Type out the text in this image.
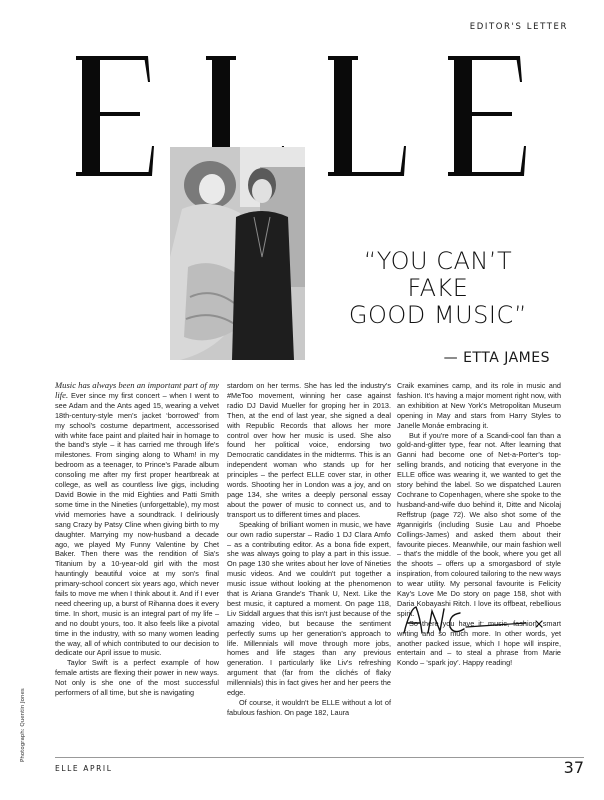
EDITOR'S LETTER
Photograph: Quentin Jones
“YOU CAN’T
FAKE
GOOD MUSIC”
— ETTA JAMES

Music has always been an important part of my life. Ever since my first concert – when I went to see Adam and the Ants aged 15, wearing a velvet 18th-century-style men's jacket ‘borrowed’ from my school's costume department, accessorised with white face paint and plaited hair in homage to the band's style – it has carried me through life's milestones. From singing along to Wham! in my bedroom as a teenager, to Prince's Parade album consoling me after my first proper heartbreak at college, as well as countless live gigs, including David Bowie in the mid Eighties and Patti Smith some time in the Nineties (unforgettable), my most vivid memories have a soundtrack. I deliriously sang Crazy by Patsy Cline when giving birth to my daughter. Marrying my now-husband a decade ago, we played My Funny Valentine by Chet Baker. Then there was the rendition of Sia's Titanium by a 10-year-old girl with the most hauntingly beautiful voice at my son's final primary-school concert six years ago, which never fails to move me when I think about it. And if I ever need cheering up, a burst of Rihanna does it every time. In short, music is an integral part of my life – and no doubt yours, too. It also feels like a pivotal time in the industry, with so many women leading the way, all of which contributed to our decision to dedicate our April issue to music.

Taylor Swift is a perfect example of how female artists are flexing their power in new ways. Not only is she one of the most successful performers of all time, but she is navigating

stardom on her terms. She has led the industry's #MeToo movement, winning her case against radio DJ David Mueller for groping her in 2013. Then, at the end of last year, she signed a deal with Republic Records that allows her more control over how her music is used. She also found her political voice, endorsing two Democratic candidates in the midterms. This is an independent woman who stands up for her principles – the perfect ELLE cover star, in other words. Shooting her in London was a joy, and on page 134, she writes a deeply personal essay about the power of music to connect us, and to transport us to different times and places.

Speaking of brilliant women in music, we have our own radio superstar – Radio 1 DJ Clara Amfo – as a contributing editor. As a bona fide expert, she was always going to play a part in this issue. On page 130 she writes about her love of Nineties music videos. And we couldn't put together a music issue without looking at the phenomenon that is Ariana Grande's Thank U, Next. Like the best music, it captured a moment. On page 118, Liv Siddall argues that this isn't just because of the amazing video, but because the sentiment perfectly sums up her generation's approach to life. Millennials will move through more jobs, homes and life stages than any previous generation. I particularly like Liv's refreshing argument that (far from the clichés of flaky millennials) this in fact gives her and her peers the edge.

Of course, it wouldn't be ELLE without a lot of fabulous fashion. On page 182, Laura

Craik examines camp, and its role in music and fashion. It's having a major moment right now, with an exhibition at New York's Metropolitan Museum opening in May and stars from Harry Styles to Janelle Monáe embracing it.

But if you're more of a Scandi-cool fan than a gold-and-glitter type, fear not. After learning that Ganni had become one of Net-a-Porter's top-selling brands, and noticing that everyone in the ELLE office was wearing it, we wanted to get the story behind the label. So we dispatched Lauren Cochrane to Copenhagen, where she spoke to the husband-and-wife duo behind it, Ditte and Nicolaj Reffstrup (page 72). We also shot some of the #gannigirls (including Susie Lau and Phoebe Collings-James) and asked them about their favourite pieces. Meanwhile, our main fashion well – that's the middle of the book, where you get all the shoots – offers up a smorgasbord of style inspiration, from coloured tailoring to the new ways to wear utility. My personal favourite is Felicity Kay's Love Me Do story on page 158, shot with Daria Kobayashi Ritch. I love its offbeat, rebellious spirit.

So there you have it: music, fashion, smart writing and so much more. In other words, yet another packed issue, which I hope will inspire, entertain and – to steal a phrase from Marie Kondo – ‘spark joy’. Happy reading!

ELLE APRIL	37
